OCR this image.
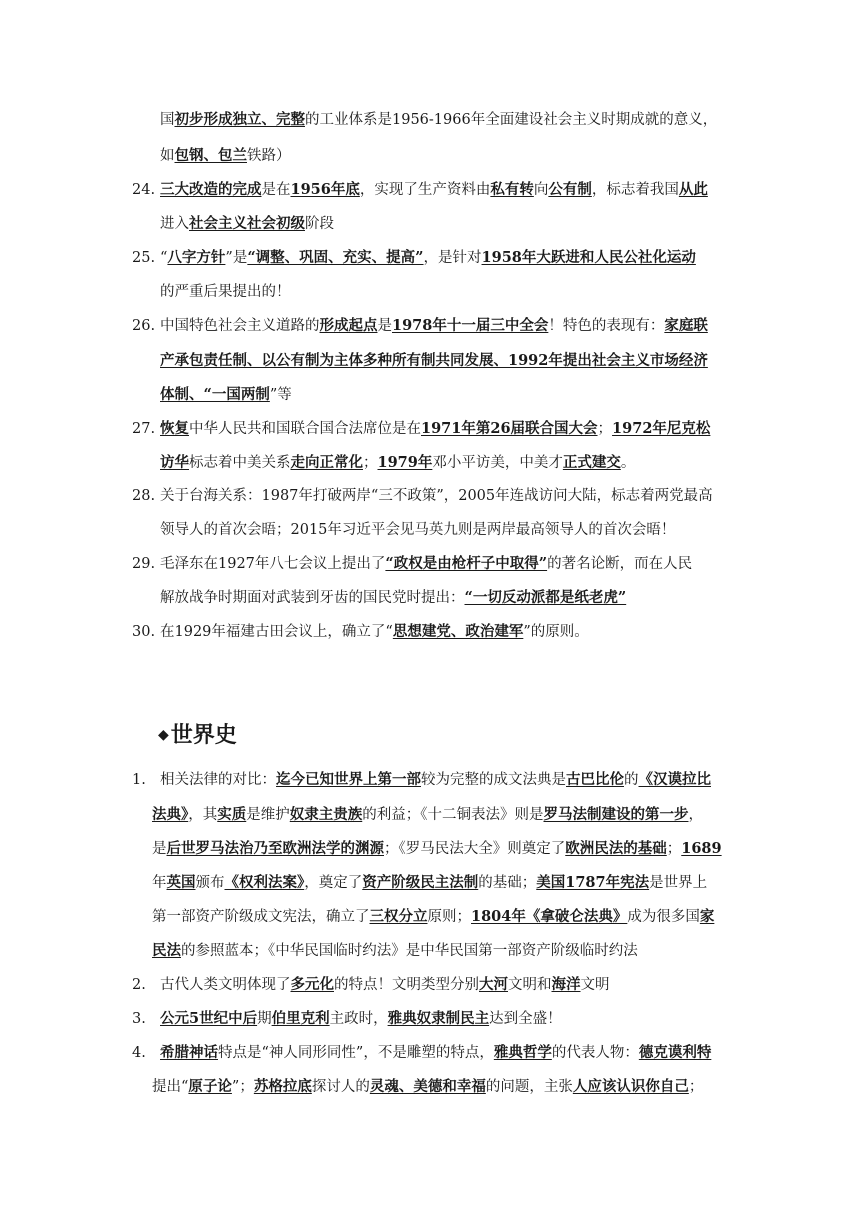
国初步形成独立、完整的工业体系是1956-1966年全面建设社会主义时期成就的意义，
如包钢、包兰铁路）
24. 三大改造的完成是在1956年底，实现了生产资料由私有转向公有制，标志着我国从此
进入社会主义社会初级阶段
25. “八字方针”是“调整、巩固、充实、提高”，是针对1958年大跃进和人民公社化运动
的严重后果提出的！
26. 中国特色社会主义道路的形成起点是1978年十一届三中全会！特色的表现有：家庭联
产承包责任制、以公有制为主体多种所有制共同发展、1992年提出社会主义市场经济
体制、“一国两制”等
27. 恢复中华人民共和国联合国合法席位是在1971年第26届联合国大会；1972年尼克松
访华标志着中美关系走向正常化；1979年邓小平访美，中美才正式建交。
28. 关于台海关系：1987年打破两岸“三不政策”，2005年连战访问大陆，标志着两党最高
领导人的首次会晤；2015年习近平会见马英九则是两岸最高领导人的首次会晤！
29. 毛泽东在1927年八七会议上提出了“政权是由枪杆子中取得”的著名论断，而在人民
解放战争时期面对武装到牙齿的国民党时提出：“一切反动派都是纸老虎”
30. 在1929年福建古田会议上，确立了“思想建党、政治建军”的原则。
◆世界史
1. 相关法律的对比：迄今已知世界上第一部较为完整的成文法典是古巴比伦的《汉谟拉比
法典》，其实质是维护奴隶主贵族的利益；《十二铜表法》则是罗马法制建设的第一步，
是后世罗马法治乃至欧洲法学的渊源；《罗马民法大全》则奠定了欧洲民法的基础；1689
年英国颁布《权利法案》，奠定了资产阶级民主法制的基础；美国1787年宪法是世界上
第一部资产阶级成文宪法，确立了三权分立原则；1804年《拿破仑法典》成为很多国家
民法的参照蓝本；《中华民国临时约法》是中华民国第一部资产阶级临时约法
2. 古代人类文明体现了多元化的特点！文明类型分别大河文明和海洋文明
3. 公元5世纪中后期伯里克利主政时，雅典奴隶制民主达到全盛！
4. 希腊神话特点是“神人同形同性”，不是雕塑的特点，雅典哲学的代表人物：德克谟利特
提出“原子论”；苏格拉底探讨人的灵魂、美德和幸福的问题，主张人应该认识你自己；
